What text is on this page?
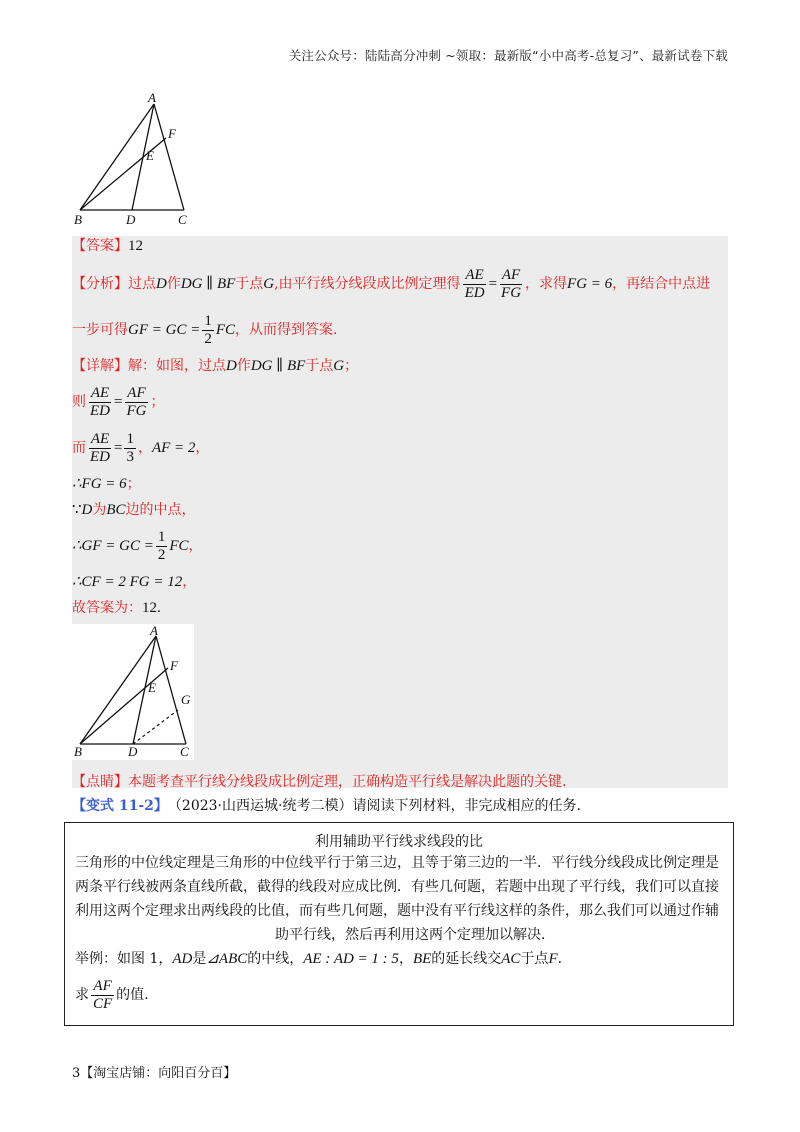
关注公众号：陆陆高分冲刺 ~领取：最新版“小中高考-总复习”、最新试卷下载
A
F
E
B	D	C
【答案】 12
【分析】 过点 D 作 DG ∥ BF 于点 G ,由平行线分线段成比例定理得 $\frac{AE}{ED} = \frac{AF}{FG}$ ，求得 FG = 6 ，再结合中点进
一步可得 GF = GC = $\frac{1}{2}$ FC ，从而得到答案.
【详解】 解：如图，过点 D 作 DG ∥ BF 于点 G ；
则 $\frac{AE}{ED} = \frac{AF}{FG}$ ；
而 $\frac{AE}{ED} = \frac{1}{3}$ ， AF = 2 ，
∴FG = 6 ；
∵ D 为 BC 边的中点，
∴GF = GC = $\frac{1}{2}$ FC ，
∴CF = 2 FG = 12 ，
故答案为： 12 .
A
F
E
G
B	D	C
【点睛】 本题考查平行线分线段成比例定理，正确构造平行线是解决此题的关键.
【 变式 11-2 】 （2023·山西运城·统考二模）请阅读下列材料，非完成相应的任务.
利用辅助平行线求线段的比
三角形的中位线定理是三角形的中位线平行于第三边，且等于第三边的一半．平行线分线段成比例定理是
两条平行线被两条直线所截，截得的线段对应成比例．有些几何题，若题中出现了平行线，我们可以直接
利用这两个定理求出两线段的比值，而有些几何题，题中没有平行线这样的条件，那么我们可以通过作辅
助平行线，然后再利用这两个定理加以解决.
举例：如图 1， AD 是 ⊿ABC 的中线， AE : AD = 1 : 5 ， BE 的延长线交 AC 于点 F .
求 $\frac{AF}{CF}$ 的值.
3【淘宝店铺：向阳百分百】
